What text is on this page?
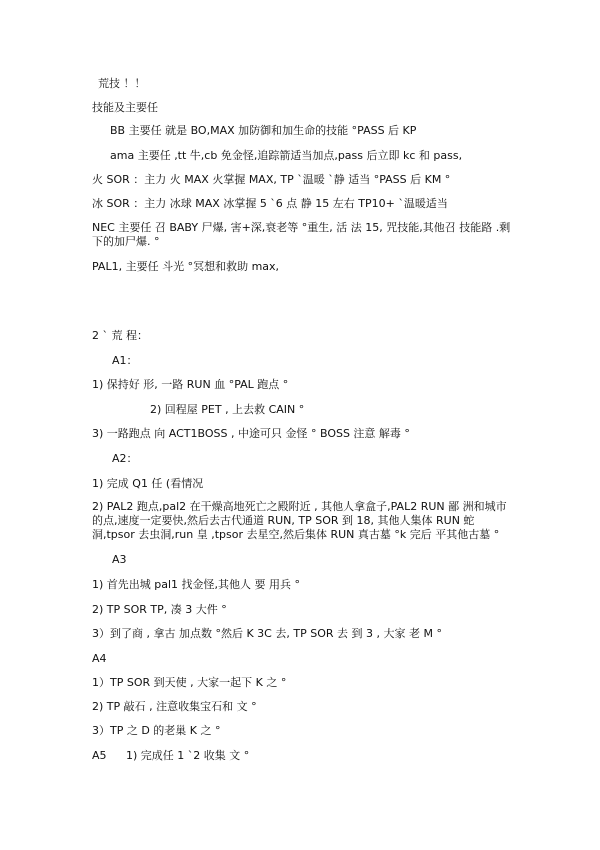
荒技 ！！
技能及主要任
BB 主要任 就是 BO,MAX 加防御和加生命的技能 °PASS 后 KP
ama 主要任 ,tt 牛,cb 免金怪,追踪箭适当加点,pass 后立即 kc 和 pass,
火 SOR ：主力 火 MAX 火掌握 MAX, TP `温暖 `静 适当 °PASS 后 KM °
冰 SOR ：主力 冰球 MAX 冰掌握 5 `6 点 静 15 左右 TP10+ `温暖适当
NEC 主要任 召 BABY 尸爆, 害+深,衰老等 °重生, 活 法 15, 咒技能,其他召 技能路 .剩下的加尸爆. °
PAL1, 主要任 斗光 °冥想和救助 max,
2 ` 荒 程：
A1：
1) 保持好 形, 一路 RUN 血 °PAL 跑点 °
2) 回程屋 PET , 上去救 CAIN °
3) 一路跑点 向 ACT1BOSS , 中途可只 金怪 ° BOSS 注意 解毒 °
A2：
1) 完成 Q1 任 (看情况
2) PAL2 跑点,pal2 在干燥高地死亡之殿附近 , 其他人拿盒子,PAL2 RUN 鄙 洲和城市的点,速度一定要快,然后去古代通道 RUN, TP SOR 到 18, 其他人集体 RUN 蛇洞,tpsor 去虫洞,run 皇 ,tpsor 去星空,然后集体 RUN 真古墓 °k 完后 平其他古墓 °
A3
1) 首先出城 pal1 找金怪,其他人 要 用兵 °
2) TP SOR TP, 凑 3 大件 °
3）到了商 , 拿古 加点数 °然后 K 3C 去, TP SOR 去 到 3 , 大家 老 M °
A4
1）TP SOR 到天使 , 大家一起下 K 之 °
2) TP 敲石 , 注意收集宝石和 文 °
3）TP 之 D 的老巢 K 之 °
A5 1) 完成任 1 `2 收集 文 °
